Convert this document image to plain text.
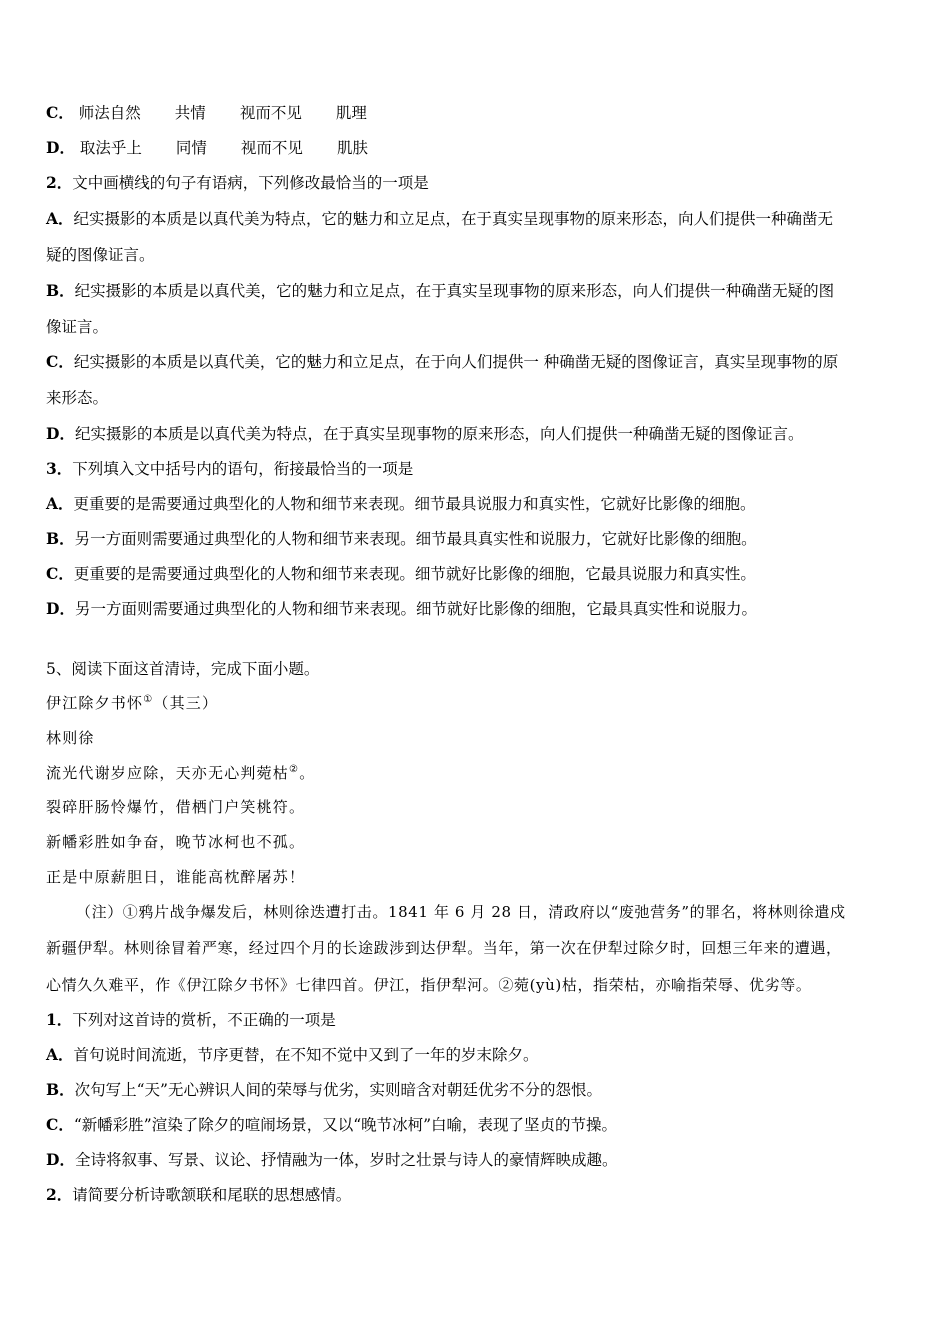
C． 师法自然 共情 视而不见 肌理
D． 取法乎上 同情 视而不见 肌肤
2．文中画横线的句子有语病，下列修改最恰当的一项是
A．纪实摄影的本质是以真代美为特点，它的魅力和立足点，在于真实呈现事物的原来形态，向人们提供一种确凿无
疑的图像证言。
B．纪实摄影的本质是以真代美，它的魅力和立足点，在于真实呈现事物的原来形态，向人们提供一种确凿无疑的图
像证言。
C．纪实摄影的本质是以真代美，它的魅力和立足点，在于向人们提供一 种确凿无疑的图像证言，真实呈现事物的原
来形态。
D．纪实摄影的本质是以真代美为特点，在于真实呈现事物的原来形态，向人们提供一种确凿无疑的图像证言。
3．下列填入文中括号内的语句，衔接最恰当的一项是
A．更重要的是需要通过典型化的人物和细节来表现。细节最具说服力和真实性，它就好比影像的细胞。
B．另一方面则需要通过典型化的人物和细节来表现。细节最具真实性和说服力，它就好比影像的细胞。
C．更重要的是需要通过典型化的人物和细节来表现。细节就好比影像的细胞，它最具说服力和真实性。
D．另一方面则需要通过典型化的人物和细节来表现。细节就好比影像的细胞，它最具真实性和说服力。
5、阅读下面这首清诗，完成下面小题。
伊江除夕书怀①（其三）
林则徐
流光代谢岁应除，天亦无心判菀枯②。
裂碎肝肠怜爆竹，借栖门户笑桃符。
新幡彩胜如争奋，晚节冰柯也不孤。
正是中原薪胆日，谁能高枕醉屠苏！
（注）①鸦片战争爆发后，林则徐迭遭打击。1841 年 6 月 28 日，清政府以“废弛营务”的罪名，将林则徐遣戍
新疆伊犁。林则徐冒着严寒，经过四个月的长途跋涉到达伊犁。当年，第一次在伊犁过除夕时，回想三年来的遭遇，
心情久久难平，作《伊江除夕书怀》七律四首。伊江，指伊犁河。②菀(yù)枯，指荣枯，亦喻指荣辱、优劣等。
1．下列对这首诗的赏析，不正确的一项是
A．首句说时间流逝，节序更替，在不知不觉中又到了一年的岁末除夕。
B．次句写上“天”无心辨识人间的荣辱与优劣，实则暗含对朝廷优劣不分的怨恨。
C．“新幡彩胜”渲染了除夕的喧闹场景，又以“晚节冰柯”白喻，表现了坚贞的节操。
D．全诗将叙事、写景、议论、抒情融为一体，岁时之壮景与诗人的豪情辉映成趣。
2．请简要分析诗歌颔联和尾联的思想感情。
